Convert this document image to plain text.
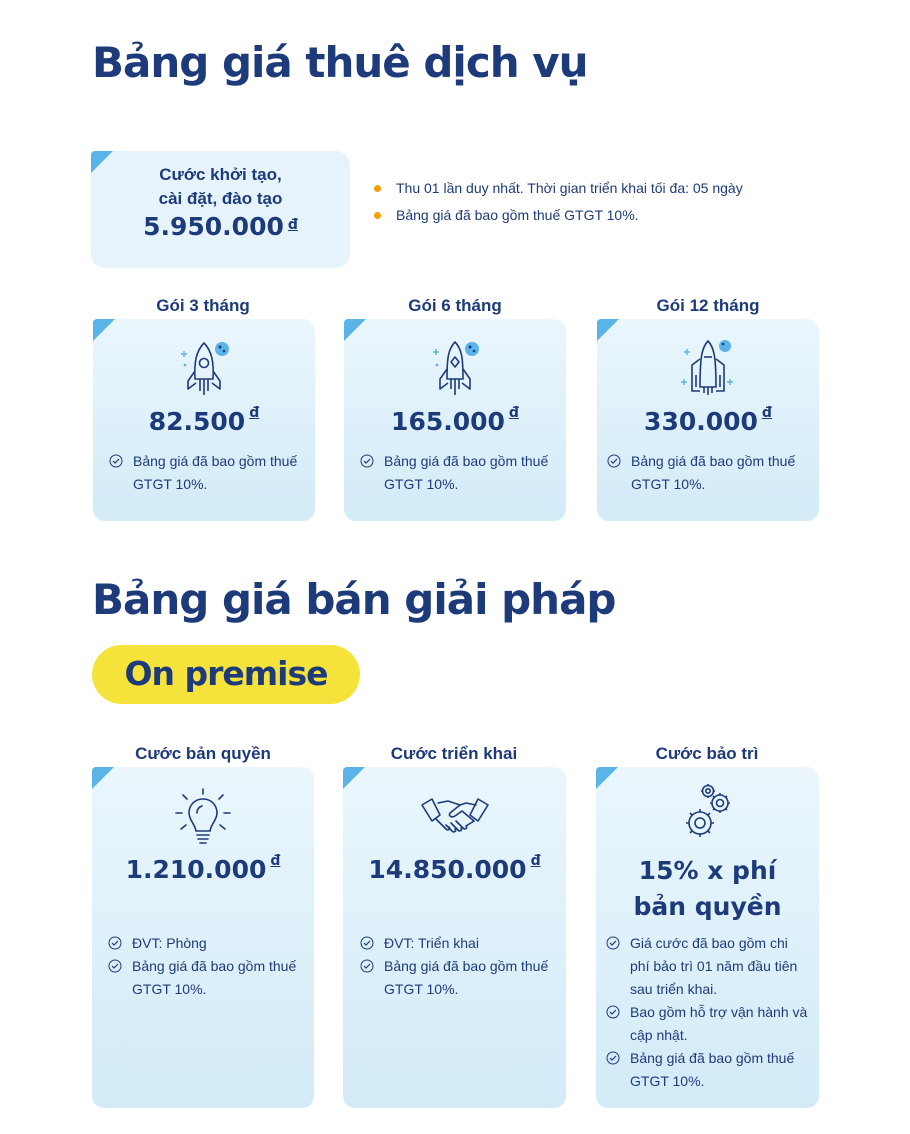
Bảng giá thuê dịch vụ
Cước khởi tạo,
cài đặt, đào tạo
5.950.000 $^đ$
Thu 01 lần duy nhất. Thời gian triển khai tối đa: 05 ngày
Bảng giá đã bao gồm thuế GTGT 10%.
Gói 3 tháng	Gói 6 tháng	Gói 12 tháng
82.500 $^đ$
Bảng giá đã bao gồm thuế GTGT 10%.
165.000 $^đ$
Bảng giá đã bao gồm thuế GTGT 10%.
330.000 $^đ$
Bảng giá đã bao gồm thuế GTGT 10%.
Bảng giá bán giải pháp
On premise
Cước bản quyền	Cước triển khai	Cước bảo trì
1.210.000 $^đ$
ĐVT: Phòng
Bảng giá đã bao gồm thuế GTGT 10%.
14.850.000 $^đ$
ĐVT: Triển khai
Bảng giá đã bao gồm thuế GTGT 10%.
15% x phí
bản quyền
Giá cước đã bao gồm chi phí bảo trì 01 năm đầu tiên sau triển khai.
Bao gồm hỗ trợ vận hành và cập nhật.
Bảng giá đã bao gồm thuế GTGT 10%.
